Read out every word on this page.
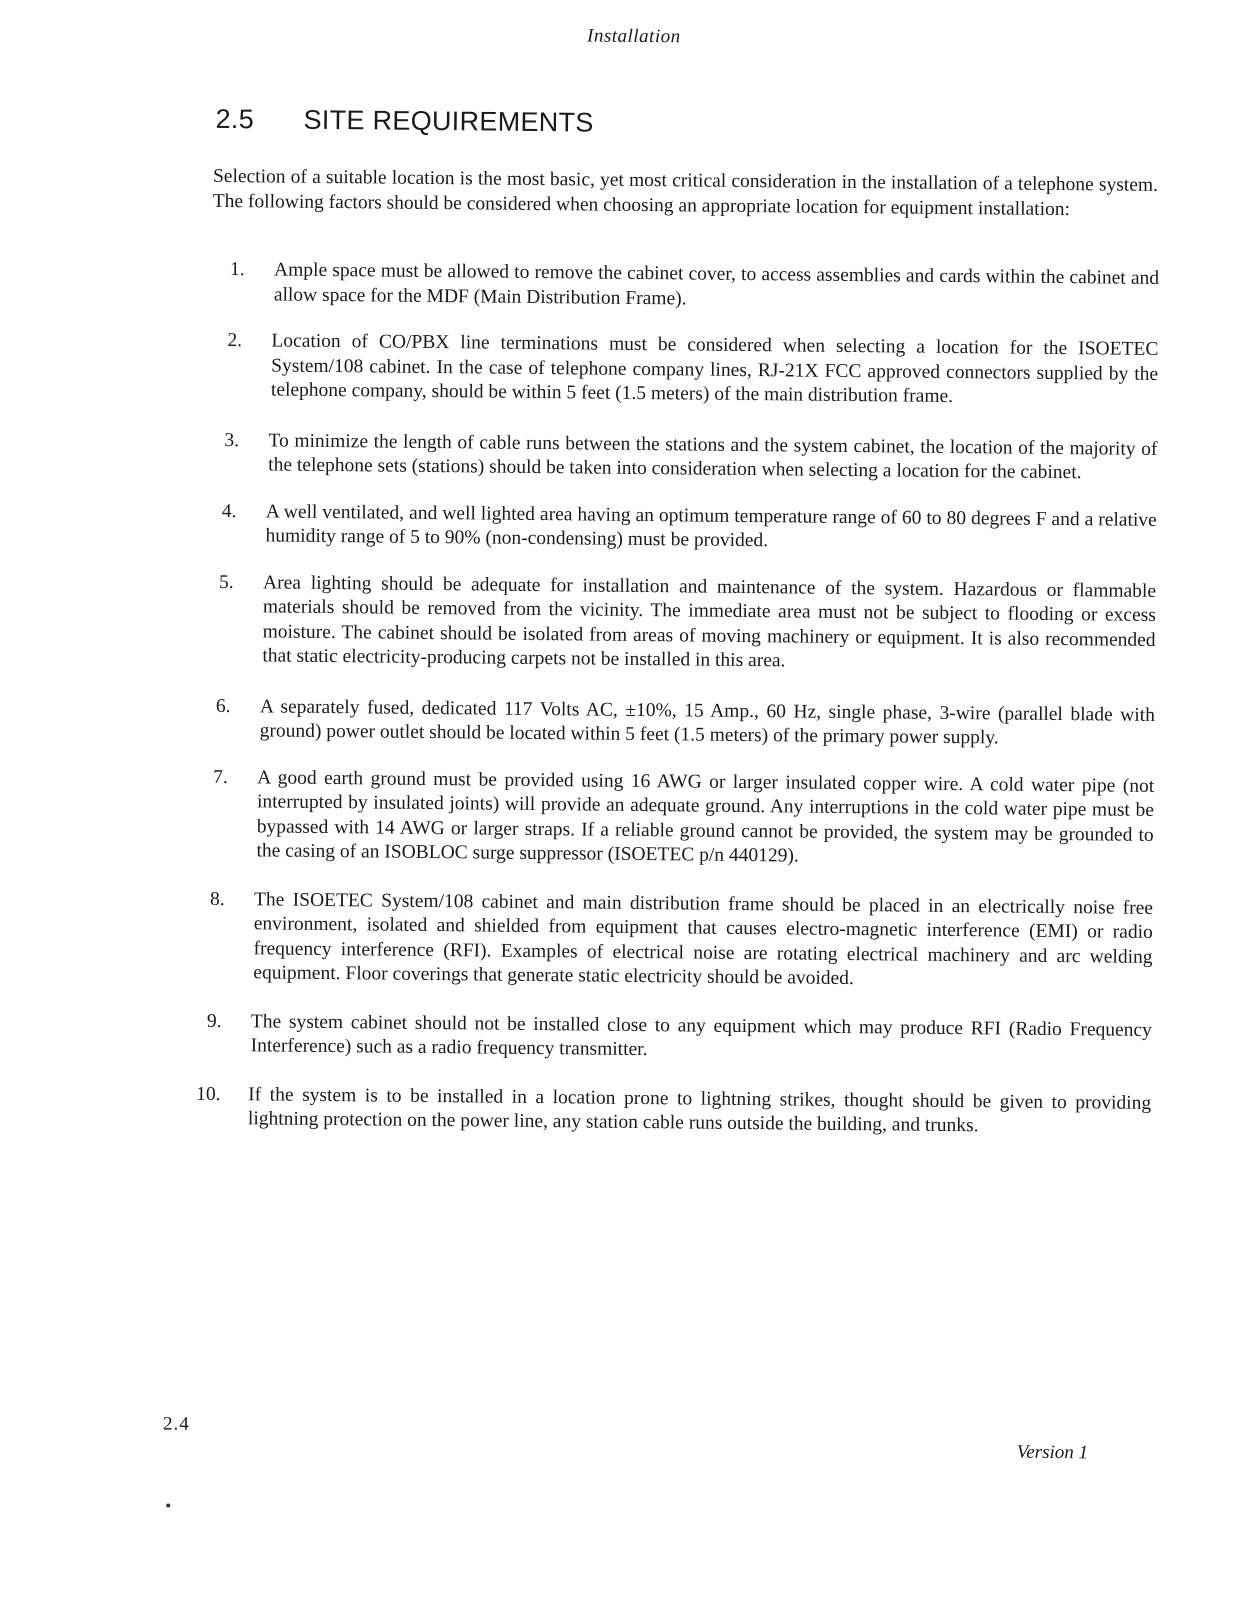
Installation
2.5 SITE REQUIREMENTS

Selection of a suitable location is the most basic, yet most critical consideration in the installation of a telephone system. The following factors should be considered when choosing an appropriate location for equipment installation:

1. Ample space must be allowed to remove the cabinet cover, to access assemblies and cards within the cabinet and allow space for the MDF (Main Distribution Frame).
2. Location of CO/PBX line terminations must be considered when selecting a location for the ISOETEC System/108 cabinet. In the case of telephone company lines, RJ-21X FCC approved connectors supplied by the telephone company, should be within 5 feet (1.5 meters) of the main distribution frame.
3. To minimize the length of cable runs between the stations and the system cabinet, the location of the majority of the telephone sets (stations) should be taken into consideration when selecting a location for the cabinet.
4. A well ventilated, and well lighted area having an optimum temperature range of 60 to 80 degrees F and a relative humidity range of 5 to 90% (non-condensing) must be provided.
5. Area lighting should be adequate for installation and maintenance of the system. Hazardous or flammable materials should be removed from the vicinity. The immediate area must not be subject to flooding or excess moisture. The cabinet should be isolated from areas of moving machinery or equipment. It is also recommended that static electricity-producing carpets not be installed in this area.
6. A separately fused, dedicated 117 Volts AC, ±10%, 15 Amp., 60 Hz, single phase, 3-wire (parallel blade with ground) power outlet should be located within 5 feet (1.5 meters) of the primary power supply.
7. A good earth ground must be provided using 16 AWG or larger insulated copper wire. A cold water pipe (not interrupted by insulated joints) will provide an adequate ground. Any interruptions in the cold water pipe must be bypassed with 14 AWG or larger straps. If a reliable ground cannot be provided, the system may be grounded to the casing of an ISOBLOC surge suppressor (ISOETEC p/n 440129).
8. The ISOETEC System/108 cabinet and main distribution frame should be placed in an electrically noise free environment, isolated and shielded from equipment that causes electro-magnetic interference (EMI) or radio frequency interference (RFI). Examples of electrical noise are rotating electrical machinery and arc welding equipment. Floor coverings that generate static electricity should be avoided.
9. The system cabinet should not be installed close to any equipment which may produce RFI (Radio Frequency Interference) such as a radio frequency transmitter.
10. If the system is to be installed in a location prone to lightning strikes, thought should be given to providing lightning protection on the power line, any station cable runs outside the building, and trunks.
2.4
Version 1
